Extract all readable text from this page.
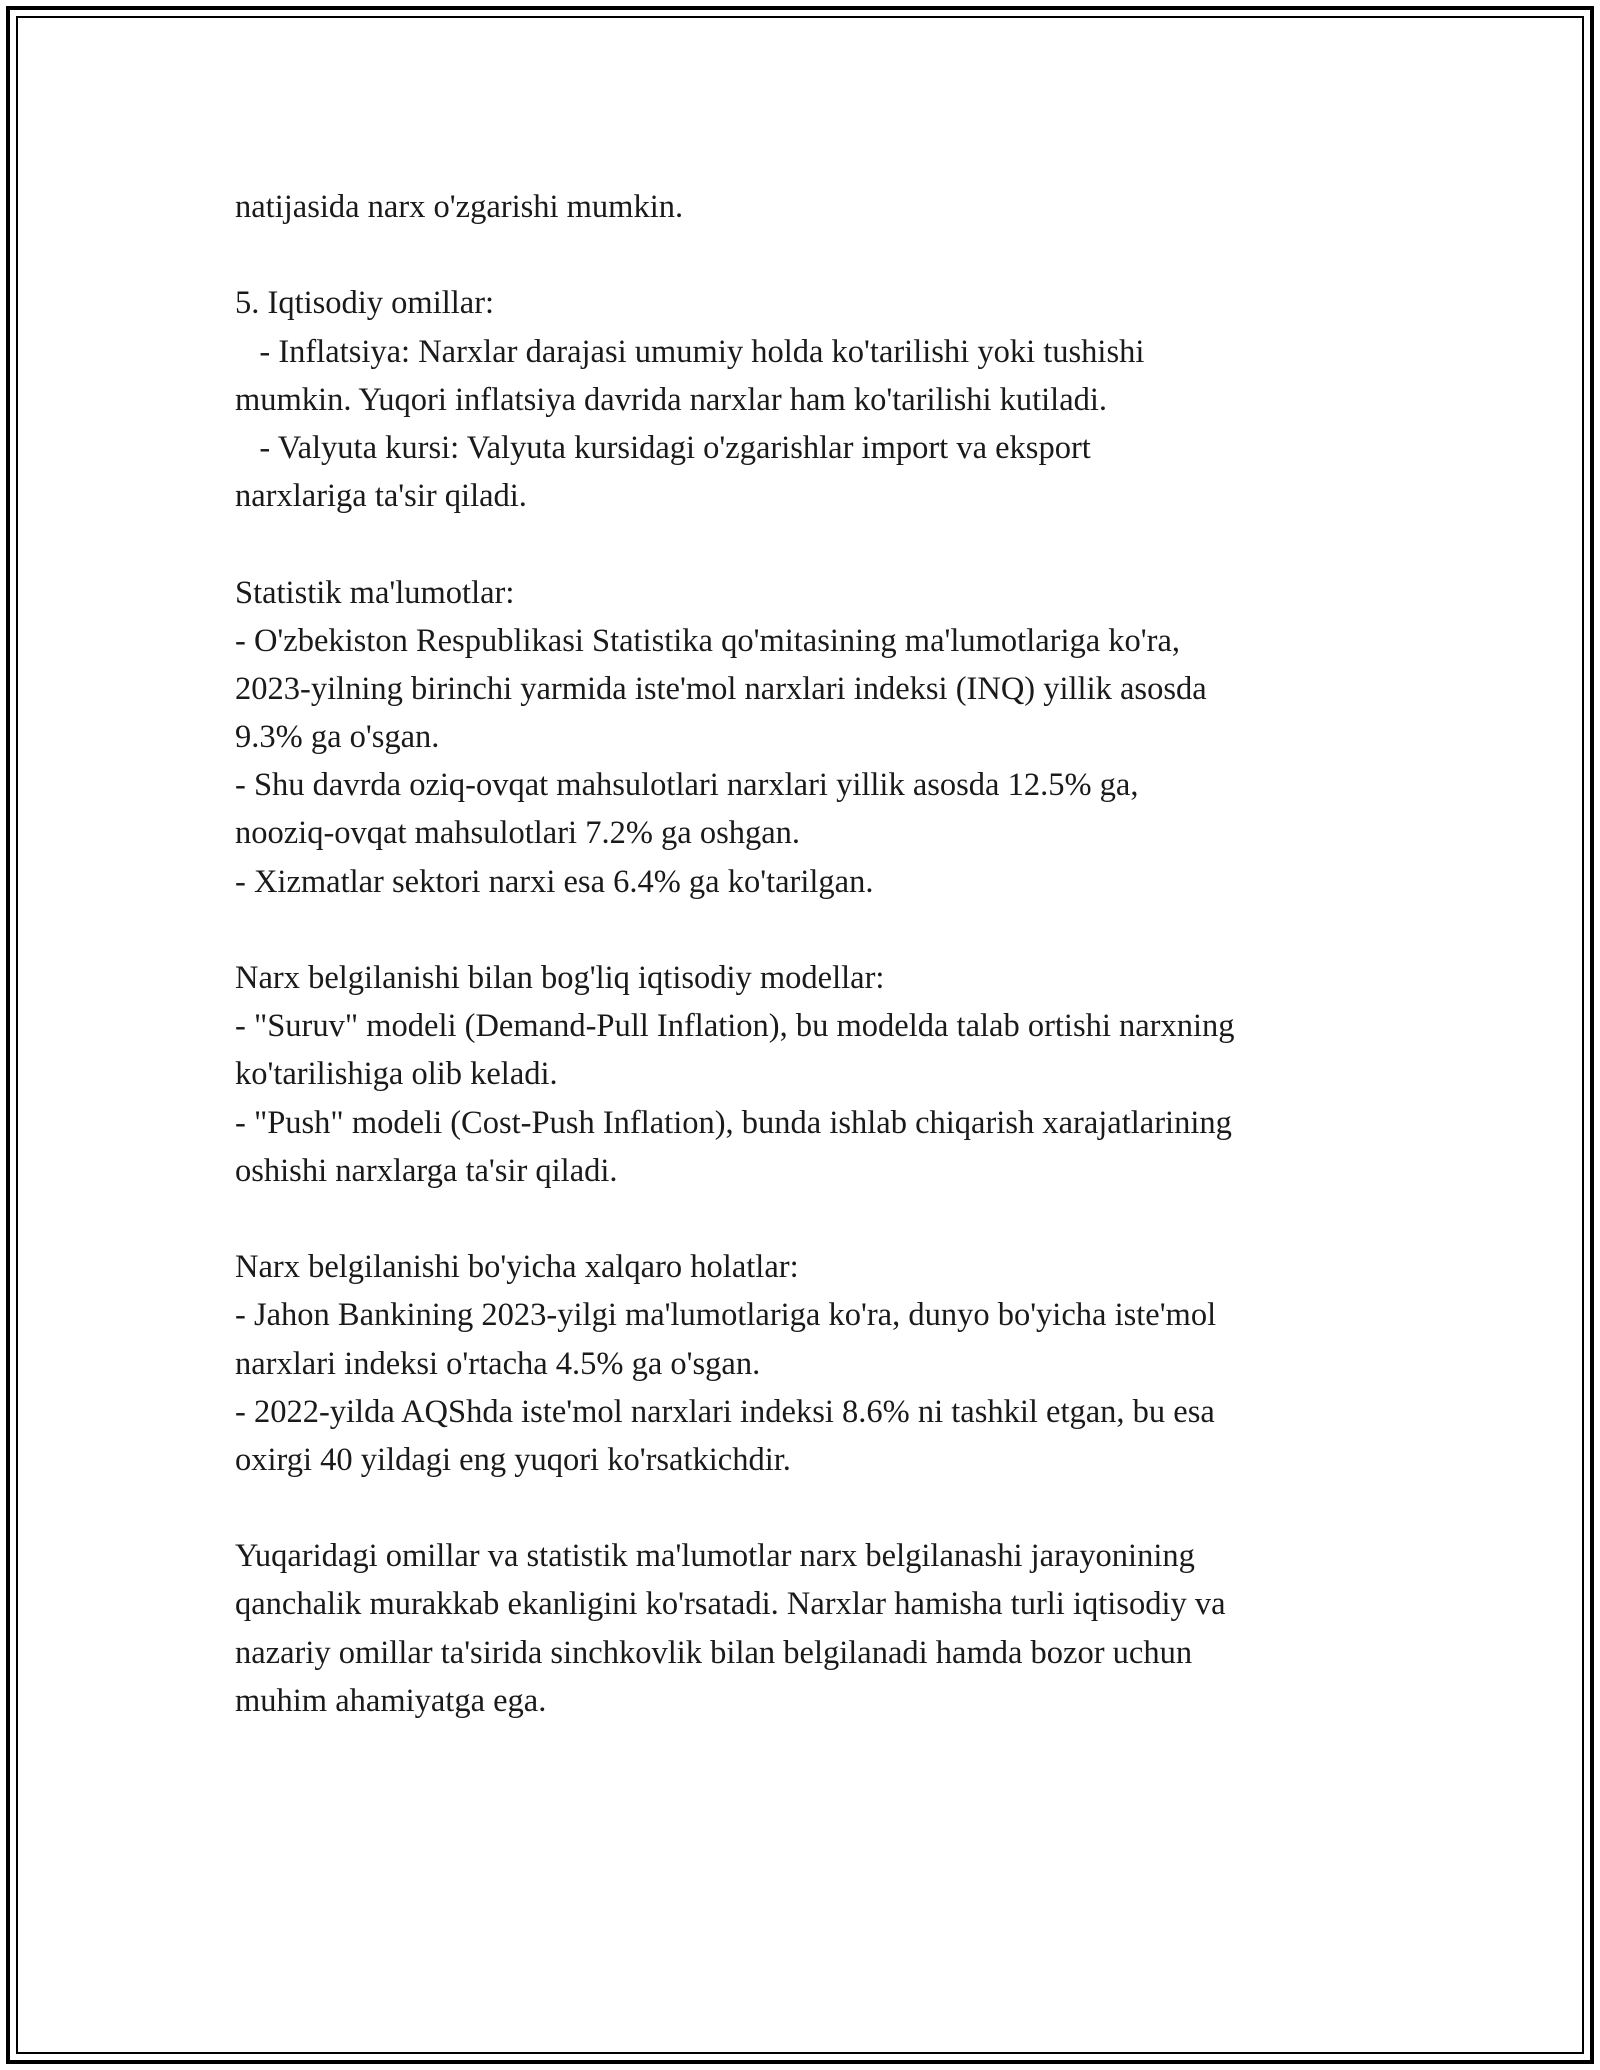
natijasida narx o'zgarishi mumkin.
5. Iqtisodiy omillar:
- Inflatsiya: Narxlar darajasi umumiy holda ko'tarilishi yoki tushishi
mumkin. Yuqori inflatsiya davrida narxlar ham ko'tarilishi kutiladi.
- Valyuta kursi: Valyuta kursidagi o'zgarishlar import va eksport
narxlariga ta'sir qiladi.
Statistik ma'lumotlar:
- O'zbekiston Respublikasi Statistika qo'mitasining ma'lumotlariga ko'ra,
2023-yilning birinchi yarmida iste'mol narxlari indeksi (INQ) yillik asosda
9.3% ga o'sgan.
- Shu davrda oziq-ovqat mahsulotlari narxlari yillik asosda 12.5% ga,
nooziq-ovqat mahsulotlari 7.2% ga oshgan.
- Xizmatlar sektori narxi esa 6.4% ga ko'tarilgan.
Narx belgilanishi bilan bog'liq iqtisodiy modellar:
- "Suruv" modeli (Demand-Pull Inflation), bu modelda talab ortishi narxning
ko'tarilishiga olib keladi.
- "Push" modeli (Cost-Push Inflation), bunda ishlab chiqarish xarajatlarining
oshishi narxlarga ta'sir qiladi.
Narx belgilanishi bo'yicha xalqaro holatlar:
- Jahon Bankining 2023-yilgi ma'lumotlariga ko'ra, dunyo bo'yicha iste'mol
narxlari indeksi o'rtacha 4.5% ga o'sgan.
- 2022-yilda AQShda iste'mol narxlari indeksi 8.6% ni tashkil etgan, bu esa
oxirgi 40 yildagi eng yuqori ko'rsatkichdir.
Yuqaridagi omillar va statistik ma'lumotlar narx belgilanashi jarayonining
qanchalik murakkab ekanligini ko'rsatadi. Narxlar hamisha turli iqtisodiy va
nazariy omillar ta'sirida sinchkovlik bilan belgilanadi hamda bozor uchun
muhim ahamiyatga ega.
